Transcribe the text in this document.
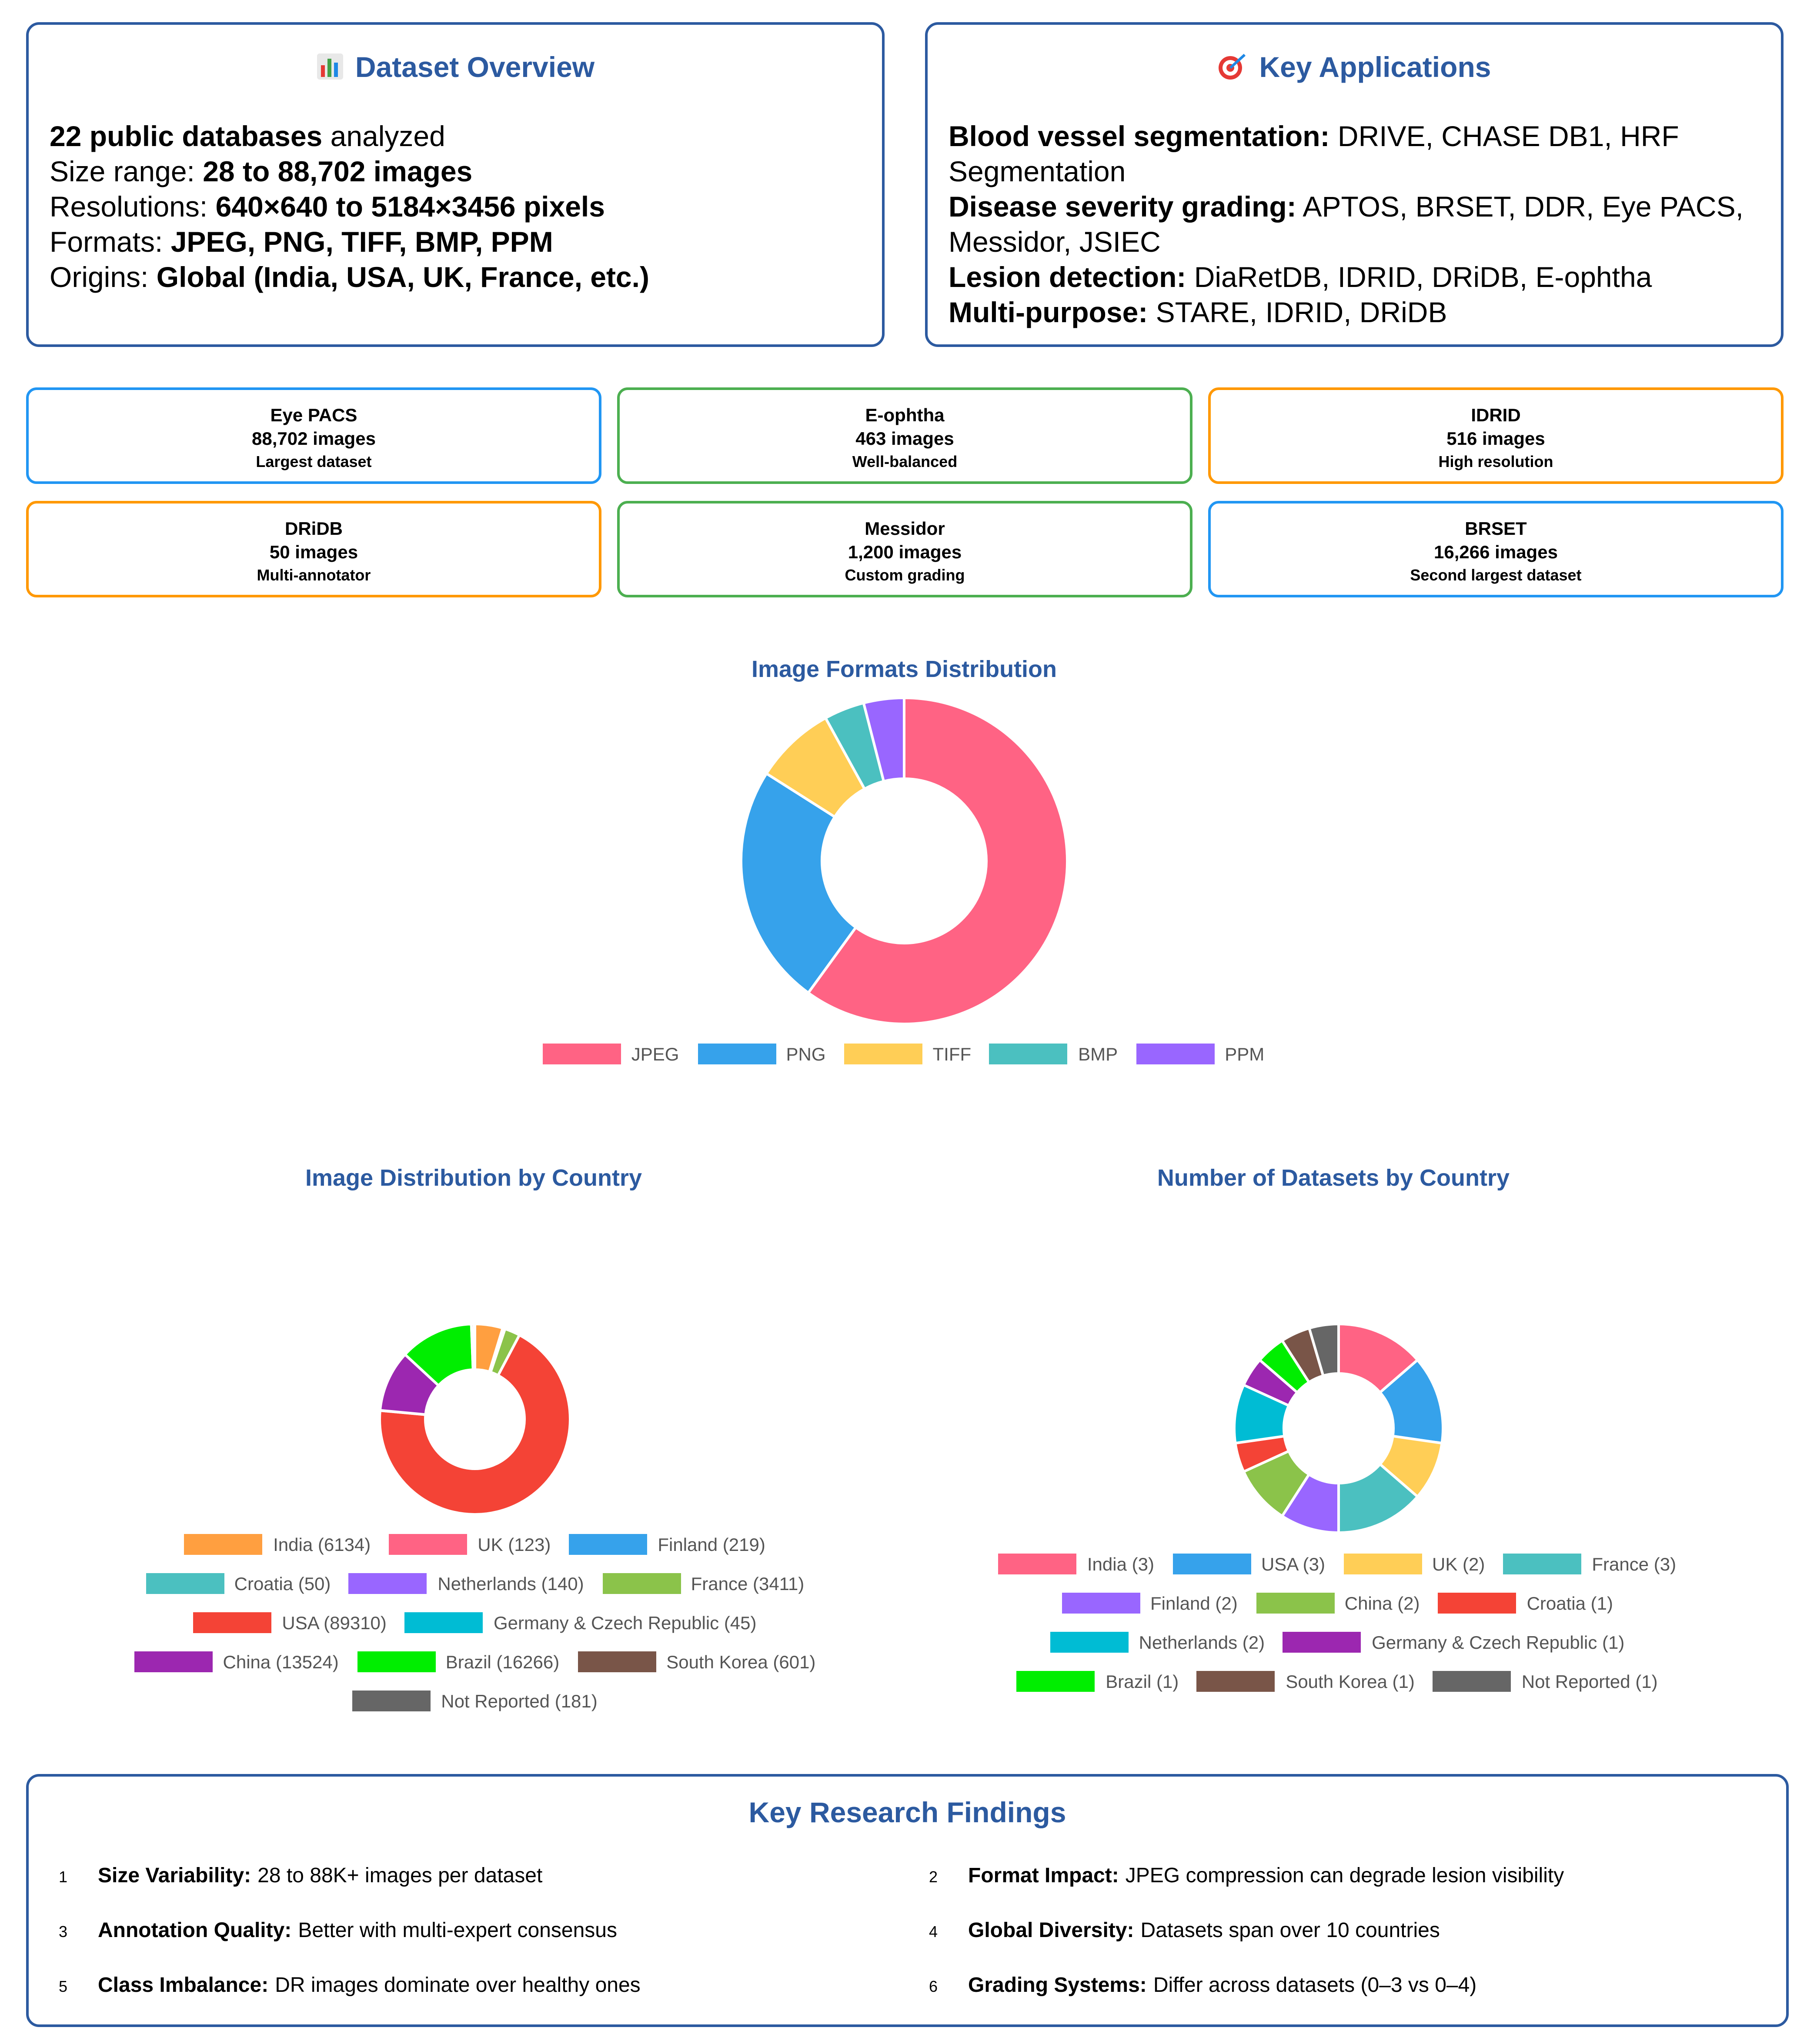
Dataset Overview
22 public databases analyzed
Size range: 28 to 88,702 images
Resolutions: 640×640 to 5184×3456 pixels
Formats: JPEG, PNG, TIFF, BMP, PPM
Origins: Global (India, USA, UK, France, etc.)
Key Applications
Blood vessel segmentation: DRIVE, CHASE DB1, HRF Segmentation
Disease severity grading: APTOS, BRSET, DDR, Eye PACS, Messidor, JSIEC
Lesion detection: DiaRetDB, IDRID, DRiDB, E-ophtha
Multi-purpose: STARE, IDRID, DRiDB
Eye PACS
88,702 images
Largest dataset
E-ophtha
463 images
Well-balanced
IDRID
516 images
High resolution
DRiDB
50 images
Multi-annotator
Messidor
1,200 images
Custom grading
BRSET
16,266 images
Second largest dataset
Image Formats Distribution
JPEG	PNG	TIFF	BMP	PPM
Image Distribution by Country
India (6134)	UK (123)	Finland (219)
Croatia (50)	Netherlands (140)	France (3411)
USA (89310)	Germany & Czech Republic (45)
China (13524)	Brazil (16266)	South Korea (601)
Not Reported (181)
Number of Datasets by Country
India (3)	USA (3)	UK (2)	France (3)
Finland (2)	China (2)	Croatia (1)
Netherlands (2)	Germany & Czech Republic (1)
Brazil (1)	South Korea (1)	Not Reported (1)
Key Research Findings
1	Size Variability: 28 to 88K+ images per dataset	2	Format Impact: JPEG compression can degrade lesion visibility
3	Annotation Quality: Better with multi-expert consensus	4	Global Diversity: Datasets span over 10 countries
5	Class Imbalance: DR images dominate over healthy ones	6	Grading Systems: Differ across datasets (0–3 vs 0–4)
